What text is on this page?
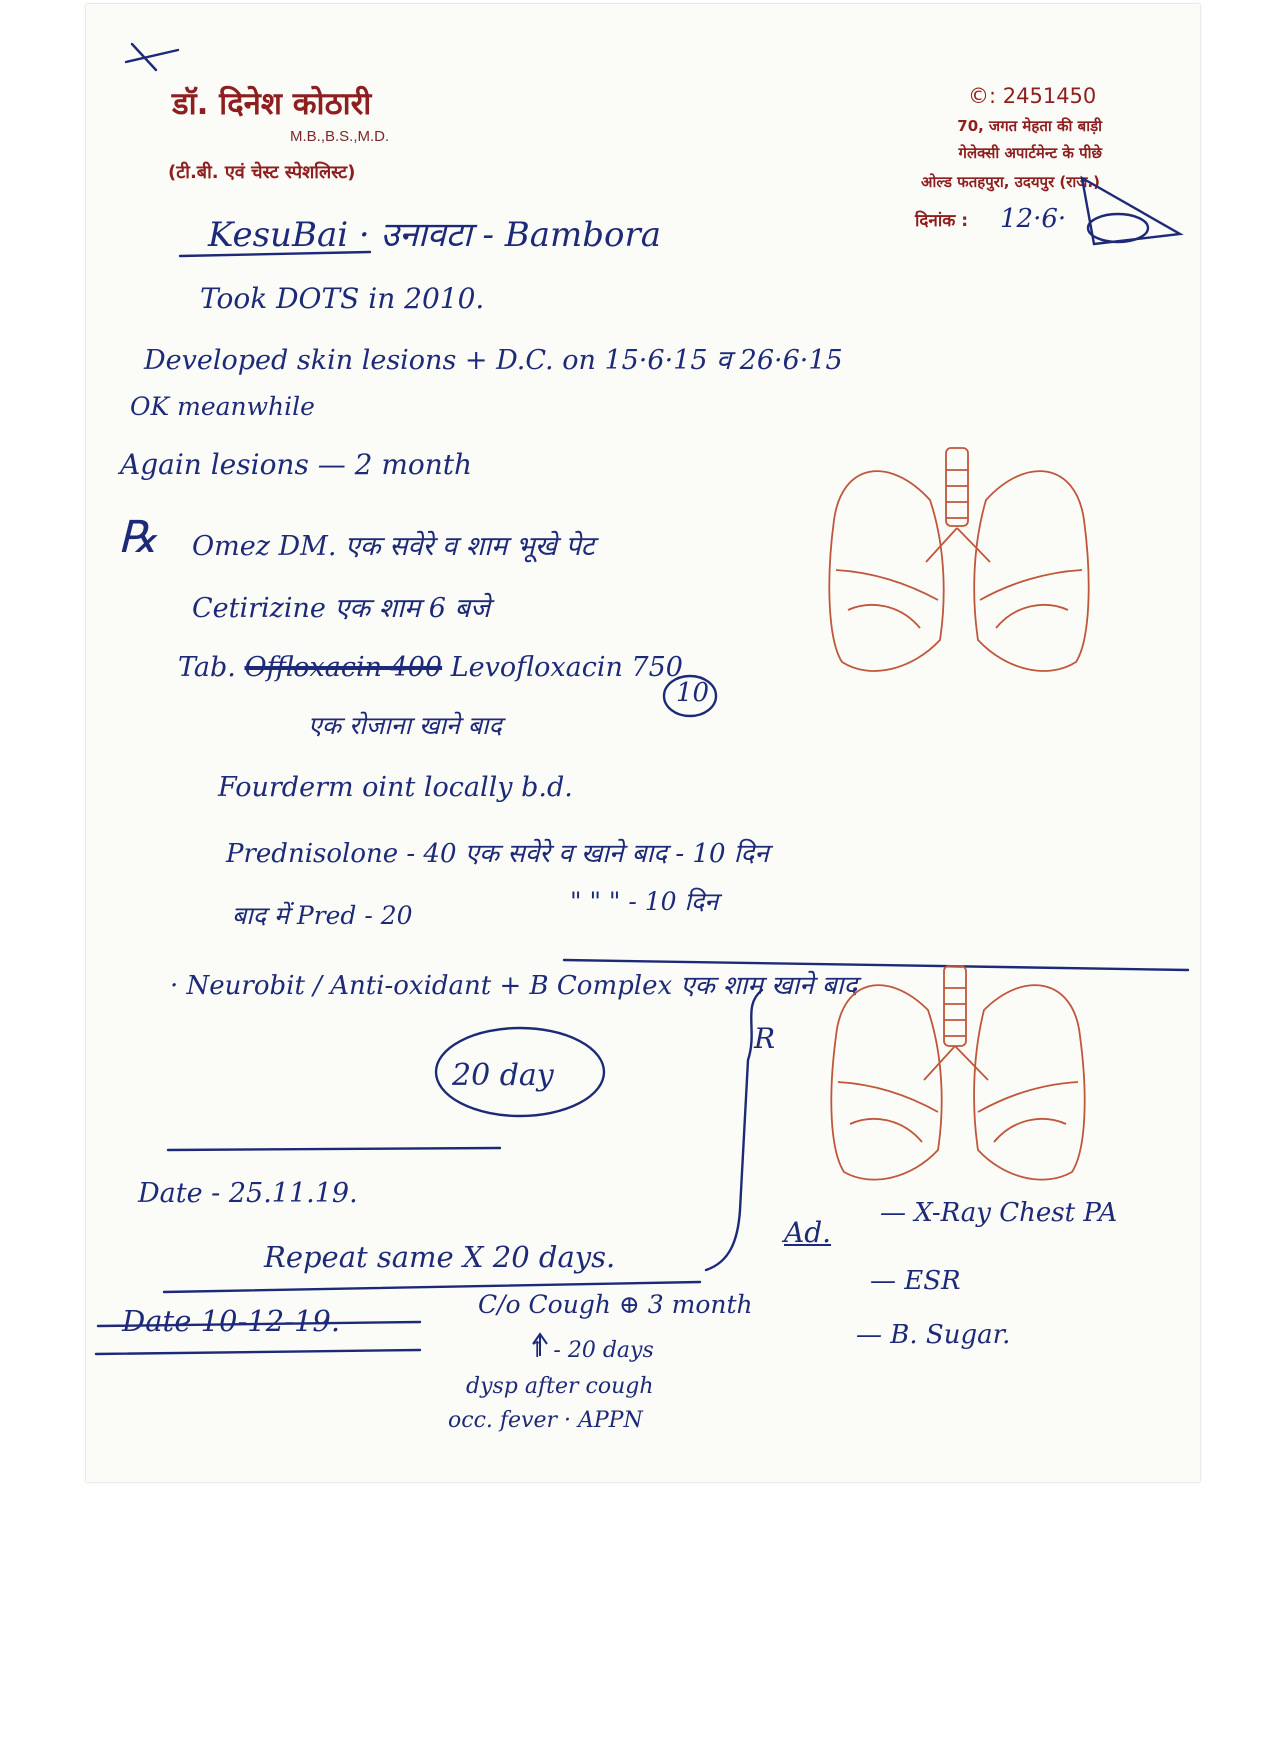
डॉ. दिनेश कोठारी
M.B.,B.S.,M.D.
(टी.बी. एवं चेस्ट स्पेशलिस्ट)
©: 2451450
70, जगत मेहता की बाड़ी
गेलेक्सी अपार्टमेन्ट के पीछे
ओल्ड फतहपुरा, उदयपुर (राज.)
दिनांक : 12·6·
KesuBai · उनावटा - Bambora
Took DOTS in 2010.
Developed skin lesions + D.C. on 15·6·15 व 26·6·15
OK meanwhile
Again lesions — 2 month
℞ Omez DM. एक सवेरे व शाम भूखे पेट
Cetirizine एक शाम 6 बजे
Tab. Offloxacin 400 Levofloxacin 750
एक रोजाना खाने बाद
10
Fourderm oint locally b.d.
Prednisolone - 40 एक सवेरे व खाने बाद - 10 दिन
बाद में Pred - 20	" " " - 10 दिन
· Neurobit / Anti-oxidant + B Complex एक शाम खाने बाद
20 day
R
Date - 25.11.19.
Repeat same X 20 days.
Date 10-12-19.	C/o Cough ⊕ 3 month
↑ - 20 days
dysp after cough
occ. fever · APPN
Ad.
— X-Ray Chest PA
— ESR
— B. Sugar.
